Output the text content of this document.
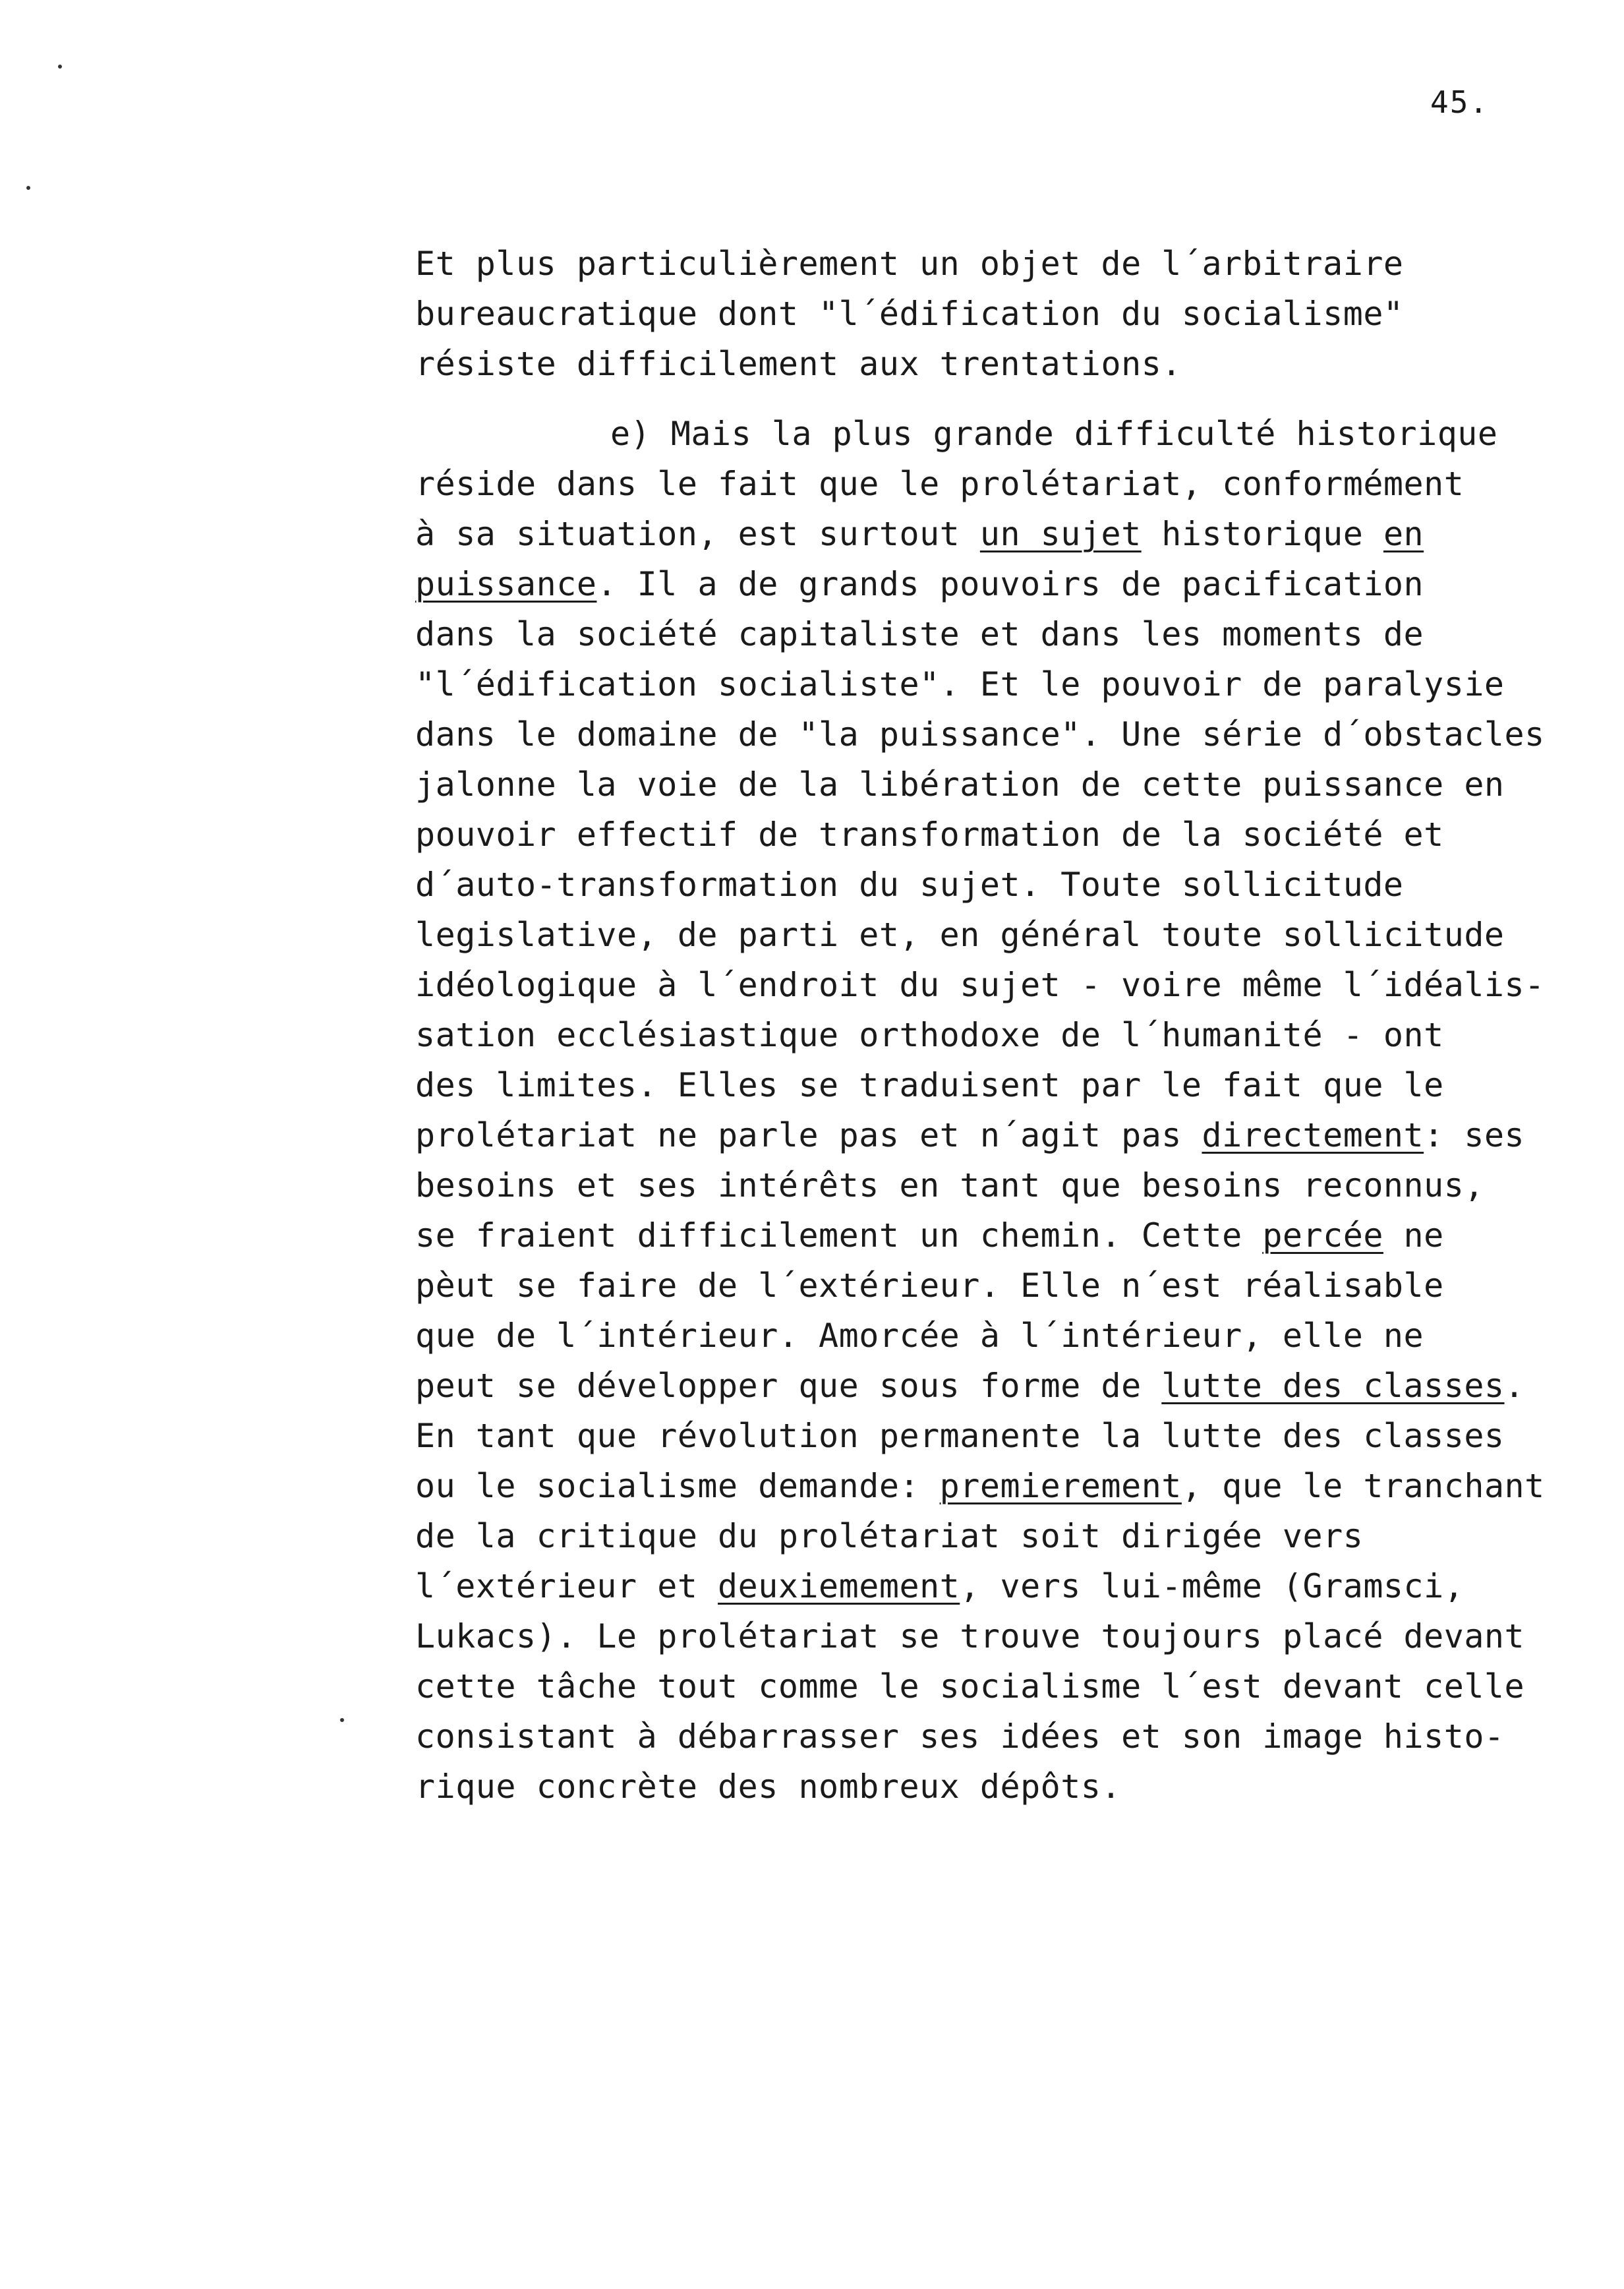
45.
Et plus particulièrement un objet de l´arbitraire
bureaucratique dont "l´édification du socialisme"
résiste difficilement aux trentations.
e) Mais la plus grande difficulté historique
réside dans le fait que le prolétariat, conformément
à sa situation, est surtout un sujet historique en
puissance. Il a de grands pouvoirs de pacification
dans la société capitaliste et dans les moments de
"l´édification socialiste". Et le pouvoir de paralysie
dans le domaine de "la puissance". Une série d´obstacles
jalonne la voie de la libération de cette puissance en
pouvoir effectif de transformation de la société et
d´auto-transformation du sujet. Toute sollicitude
legislative, de parti et, en général toute sollicitude
idéologique à l´endroit du sujet - voire même l´idéalis-
sation ecclésiastique orthodoxe de l´humanité - ont
des limites. Elles se traduisent par le fait que le
prolétariat ne parle pas et n´agit pas directement: ses
besoins et ses intérêts en tant que besoins reconnus,
se fraient difficilement un chemin. Cette percée ne
pèut se faire de l´extérieur. Elle n´est réalisable
que de l´intérieur. Amorcée à l´intérieur, elle ne
peut se développer que sous forme de lutte des classes.
En tant que révolution permanente la lutte des classes
ou le socialisme demande: premierement, que le tranchant
de la critique du prolétariat soit dirigée vers
l´extérieur et deuxiemement, vers lui-même (Gramsci,
Lukacs). Le prolétariat se trouve toujours placé devant
cette tâche tout comme le socialisme l´est devant celle
consistant à débarrasser ses idées et son image histo-
rique concrète des nombreux dépôts.
